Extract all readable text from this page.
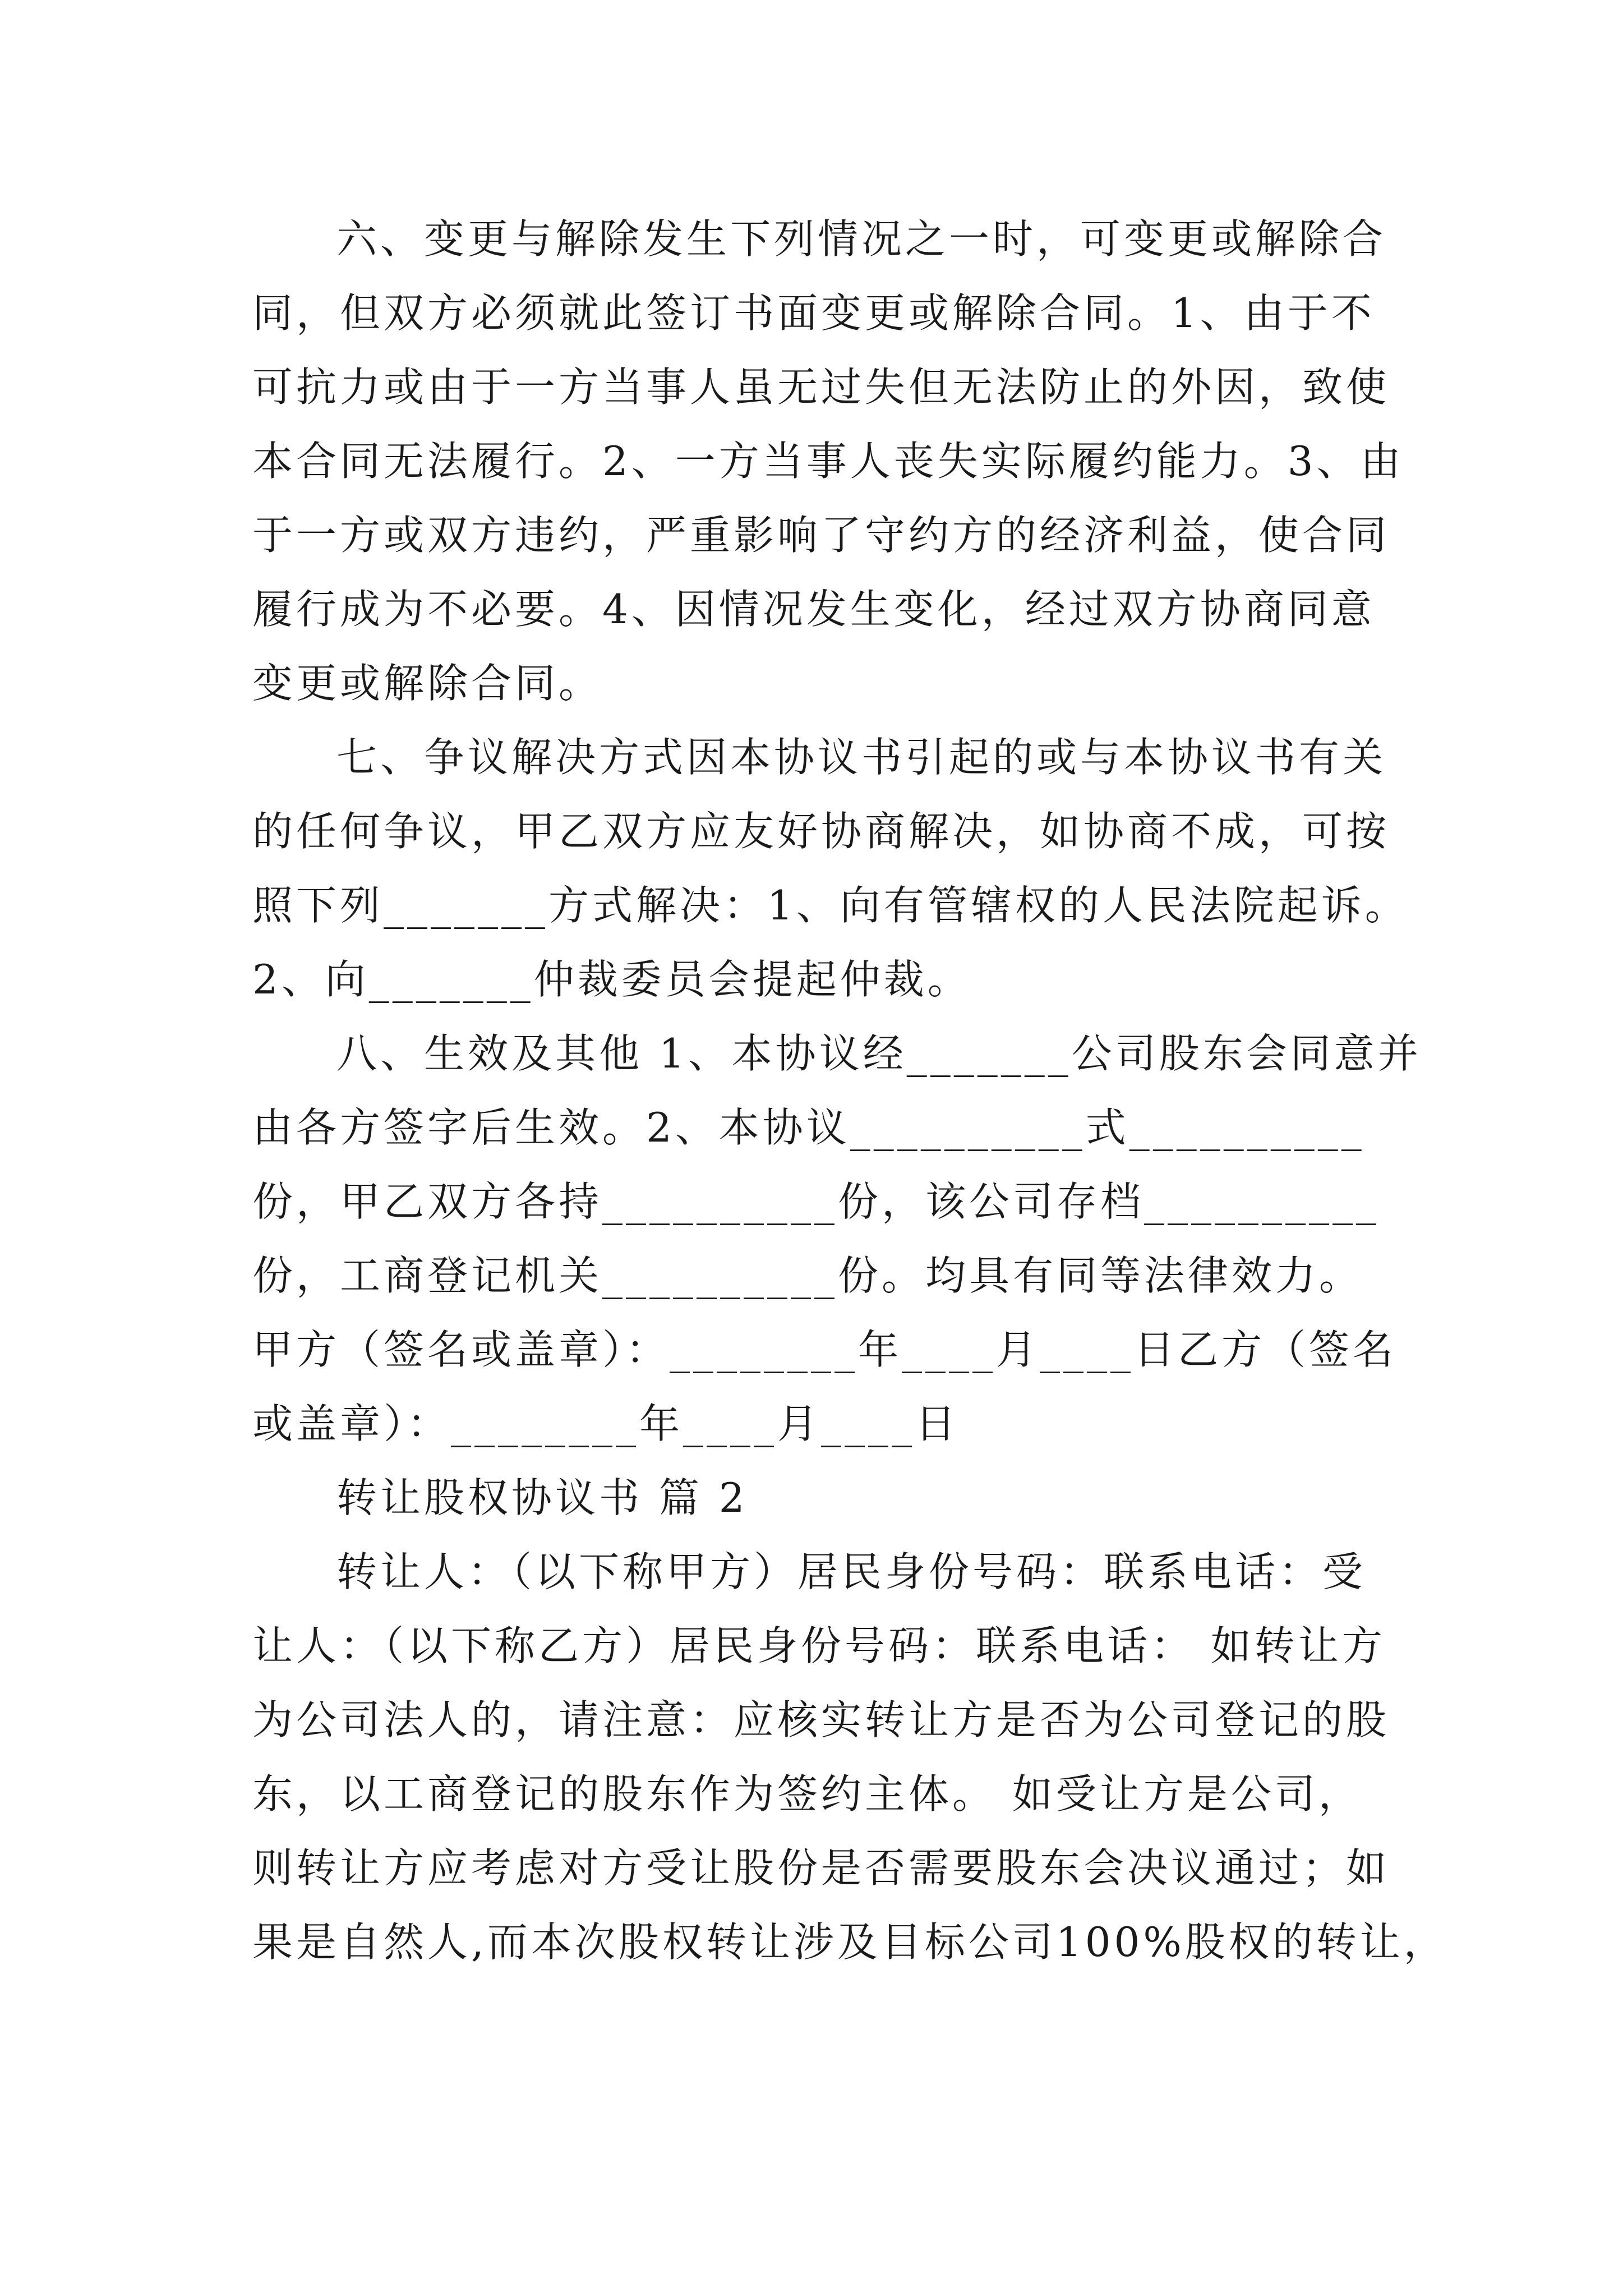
六、变更与解除发生下列情况之一时，可变更或解除合
同，但双方必须就此签订书面变更或解除合同。1、由于不
可抗力或由于一方当事人虽无过失但无法防止的外因，致使
本合同无法履行。2、一方当事人丧失实际履约能力。3、由
于一方或双方违约，严重影响了守约方的经济利益，使合同
履行成为不必要。4、因情况发生变化，经过双方协商同意
变更或解除合同。
七、争议解决方式因本协议书引起的或与本协议书有关
的任何争议，甲乙双方应友好协商解决，如协商不成，可按
照下列_______方式解决：1、向有管辖权的人民法院起诉。
2、向_______仲裁委员会提起仲裁。
八、生效及其他 1、本协议经_______公司股东会同意并
由各方签字后生效。2、本协议__________式__________
份，甲乙双方各持__________份，该公司存档__________
份，工商登记机关__________份。均具有同等法律效力。
甲方（签名或盖章）：________年____月____日乙方（签名
或盖章）：________年____月____日
转让股权协议书 篇 2
转让人：（以下称甲方）居民身份号码：联系电话：受
让人：（以下称乙方）居民身份号码：联系电话： 如转让方
为公司法人的，请注意：应核实转让方是否为公司登记的股
东，以工商登记的股东作为签约主体。 如受让方是公司，
则转让方应考虑对方受让股份是否需要股东会决议通过；如
果是自然人,而本次股权转让涉及目标公司100%股权的转让，
